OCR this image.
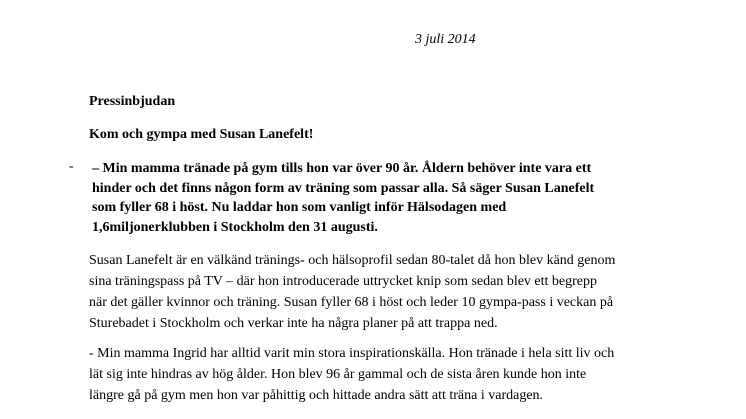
3 juli 2014

Pressinbjudan

Kom och gympa med Susan Lanefelt!

- – Min mamma tränade på gym tills hon var över 90 år. Åldern behöver inte vara ett
hinder och det finns någon form av träning som passar alla. Så säger Susan Lanefelt
som fyller 68 i höst. Nu laddar hon som vanligt inför Hälsodagen med
1,6miljonerklubben i Stockholm den 31 augusti.
Susan Lanefelt är en välkänd tränings- och hälsoprofil sedan 80-talet då hon blev känd genom
sina träningspass på TV – där hon introducerade uttrycket knip som sedan blev ett begrepp
när det gäller kvinnor och träning. Susan fyller 68 i höst och leder 10 gympa-pass i veckan på
Sturebadet i Stockholm och verkar inte ha några planer på att trappa ned.
- Min mamma Ingrid har alltid varit min stora inspirationskälla. Hon tränade i hela sitt liv och
lät sig inte hindras av hög ålder. Hon blev 96 år gammal och de sista åren kunde hon inte
längre gå på gym men hon var påhittig och hittade andra sätt att träna i vardagen.
